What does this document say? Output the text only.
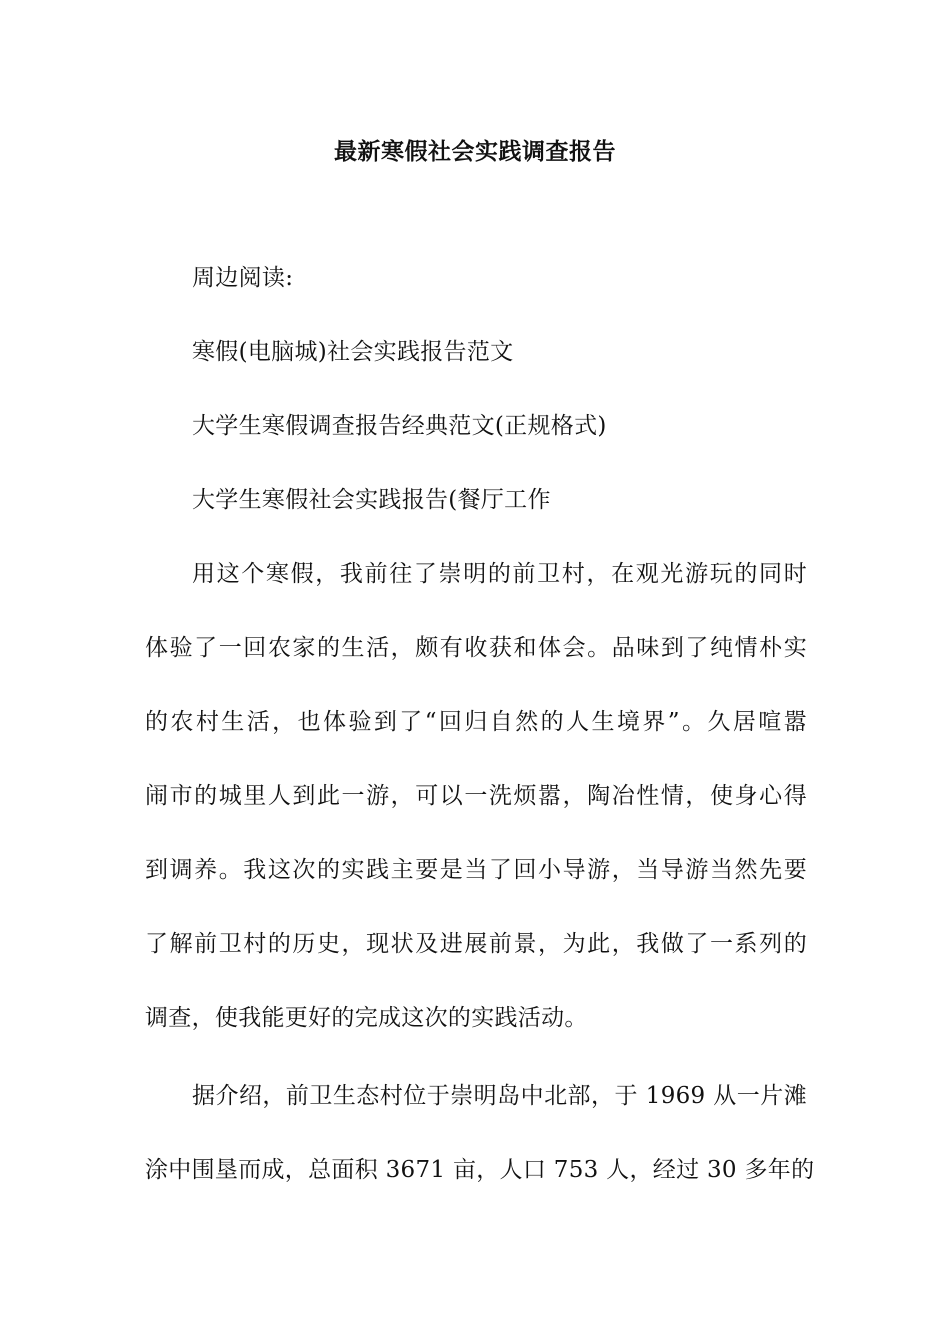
最新寒假社会实践调查报告
周边阅读:
寒假(电脑城)社会实践报告范文
大学生寒假调查报告经典范文(正规格式)
大学生寒假社会实践报告(餐厅工作
用这个寒假，我前往了崇明的前卫村，在观光游玩的同时
体验了一回农家的生活，颇有收获和体会。品味到了纯情朴实
的农村生活，也体验到了“回归自然的人生境界”。久居喧嚣
闹市的城里人到此一游，可以一洗烦嚣，陶冶性情，使身心得
到调养。我这次的实践主要是当了回小导游，当导游当然先要
了解前卫村的历史，现状及进展前景，为此，我做了一系列的
调查，使我能更好的完成这次的实践活动。
据介绍，前卫生态村位于崇明岛中北部，于 1969 从一片滩
涂中围垦而成，总面积 3671 亩，人口 753 人，经过 30 多年的
